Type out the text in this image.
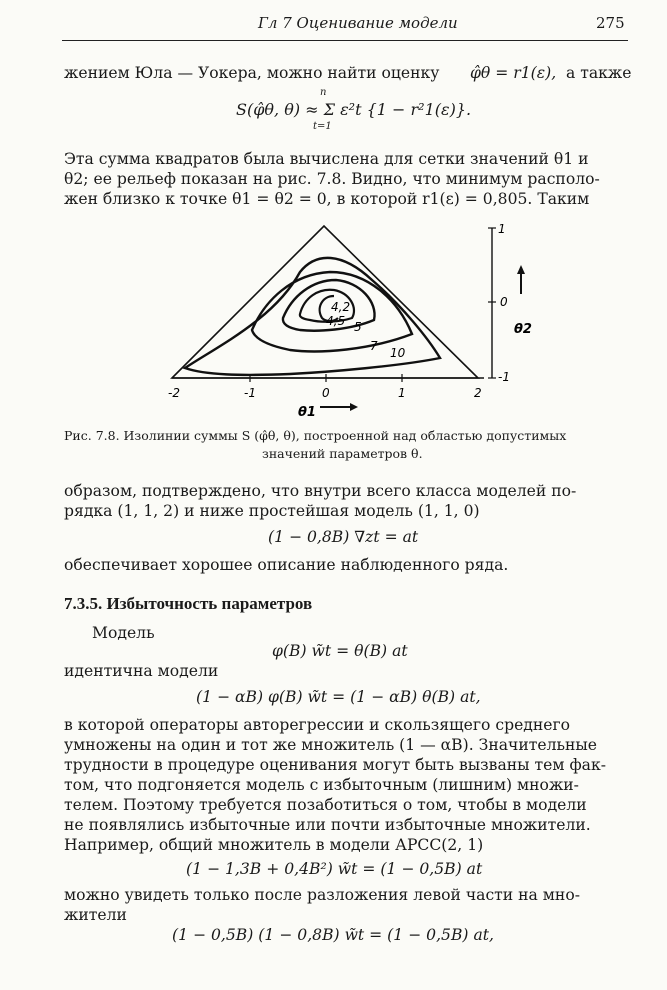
Гл 7 Оценивание модели	275
жением Юла — Уокера, можно найти оценку φ̂θ = r1(ε), а также
S(φ̂θ, θ) ≈ Σ ε²t {1 − r²1(ε)}.
n
t=1
Эта сумма квадратов была вычислена для сетки значений θ1 и
θ2; ее рельеф показан на рис. 7.8. Видно, что минимум располо-
жен близко к точке θ1 = θ2 = 0, в которой r1(ε) = 0,805. Таким
4,2
4,5 5
7 10
-2	-1	0	1	2
θ1
1
0
-1
θ2
Рис. 7.8. Изолинии суммы S (φ̂θ, θ), построенной над областью допустимых
значений параметров θ.
образом, подтверждено, что внутри всего класса моделей по-
рядка (1, 1, 2) и ниже простейшая модель (1, 1, 0)
(1 − 0,8B) ∇zt = at
обеспечивает хорошее описание наблюденного ряда.
7.3.5. Избыточность параметров
Модель
φ(B) w̃t = θ(B) at
идентична модели
(1 − αB) φ(B) w̃t = (1 − αB) θ(B) at,
в которой операторы авторегрессии и скользящего среднего
умножены на один и тот же множитель (1 — αB). Значительные
трудности в процедуре оценивания могут быть вызваны тем фак-
том, что подгоняется модель с избыточным (лишним) множи-
телем. Поэтому требуется позаботиться о том, чтобы в модели
не появлялись избыточные или почти избыточные множители.
Например, общий множитель в модели АРСС(2, 1)
(1 − 1,3B + 0,4B²) w̃t = (1 − 0,5B) at
можно увидеть только после разложения левой части на мно-
жители
(1 − 0,5B) (1 − 0,8B) w̃t = (1 − 0,5B) at,
